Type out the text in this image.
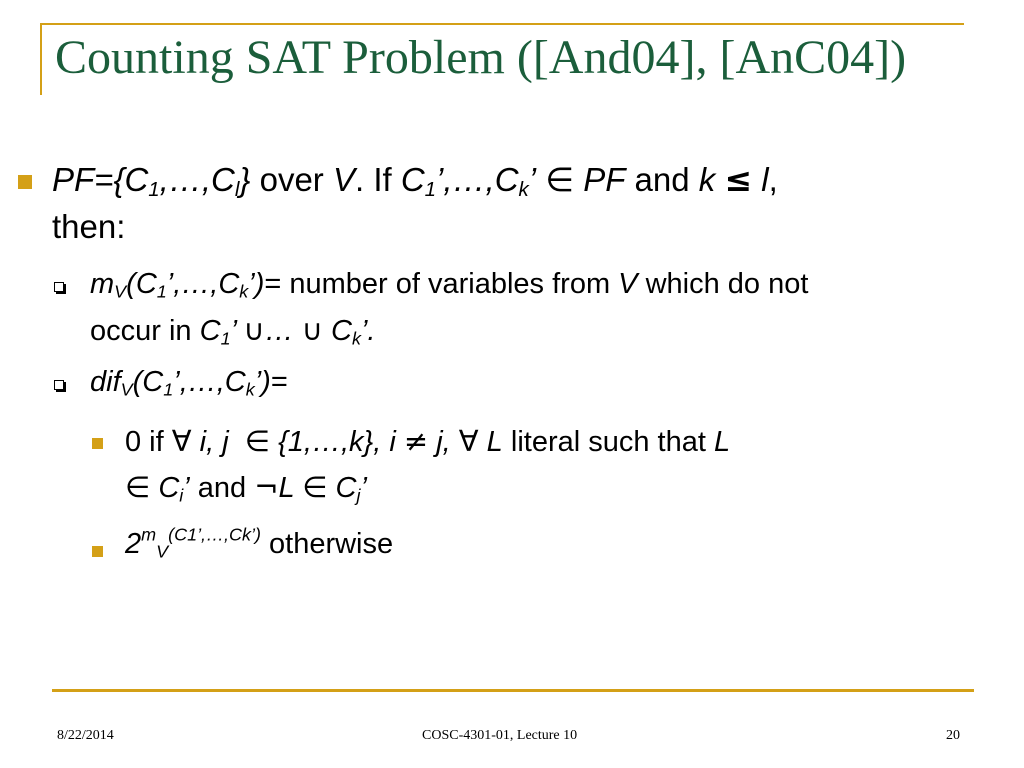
Counting SAT Problem ([And04], [AnC04])
$PF=\{C_1,\dots,C_l\}$ over V. If $C_1’,\dots,C_k$’ ∈ PF and k ≤ l,
then:
$m_V(C_1’,\dots,C_k’)=$ number of variables from V which do not
occur in $C_1$’ ∪… ∪ $C_k$’.
$dif_V(C_1’,\dots,C_k’)=$
0 if ∀ i, j  ∈ {1,…,k}, i ≠ j, ∀ L literal such that L
∈ $C_i$’ and ¬L ∈ $C_j$’
$2^m_V^{(C1’,\dots,Ck’)}$ otherwise
8/22/2014	COSC-4301-01, Lecture 10	20
